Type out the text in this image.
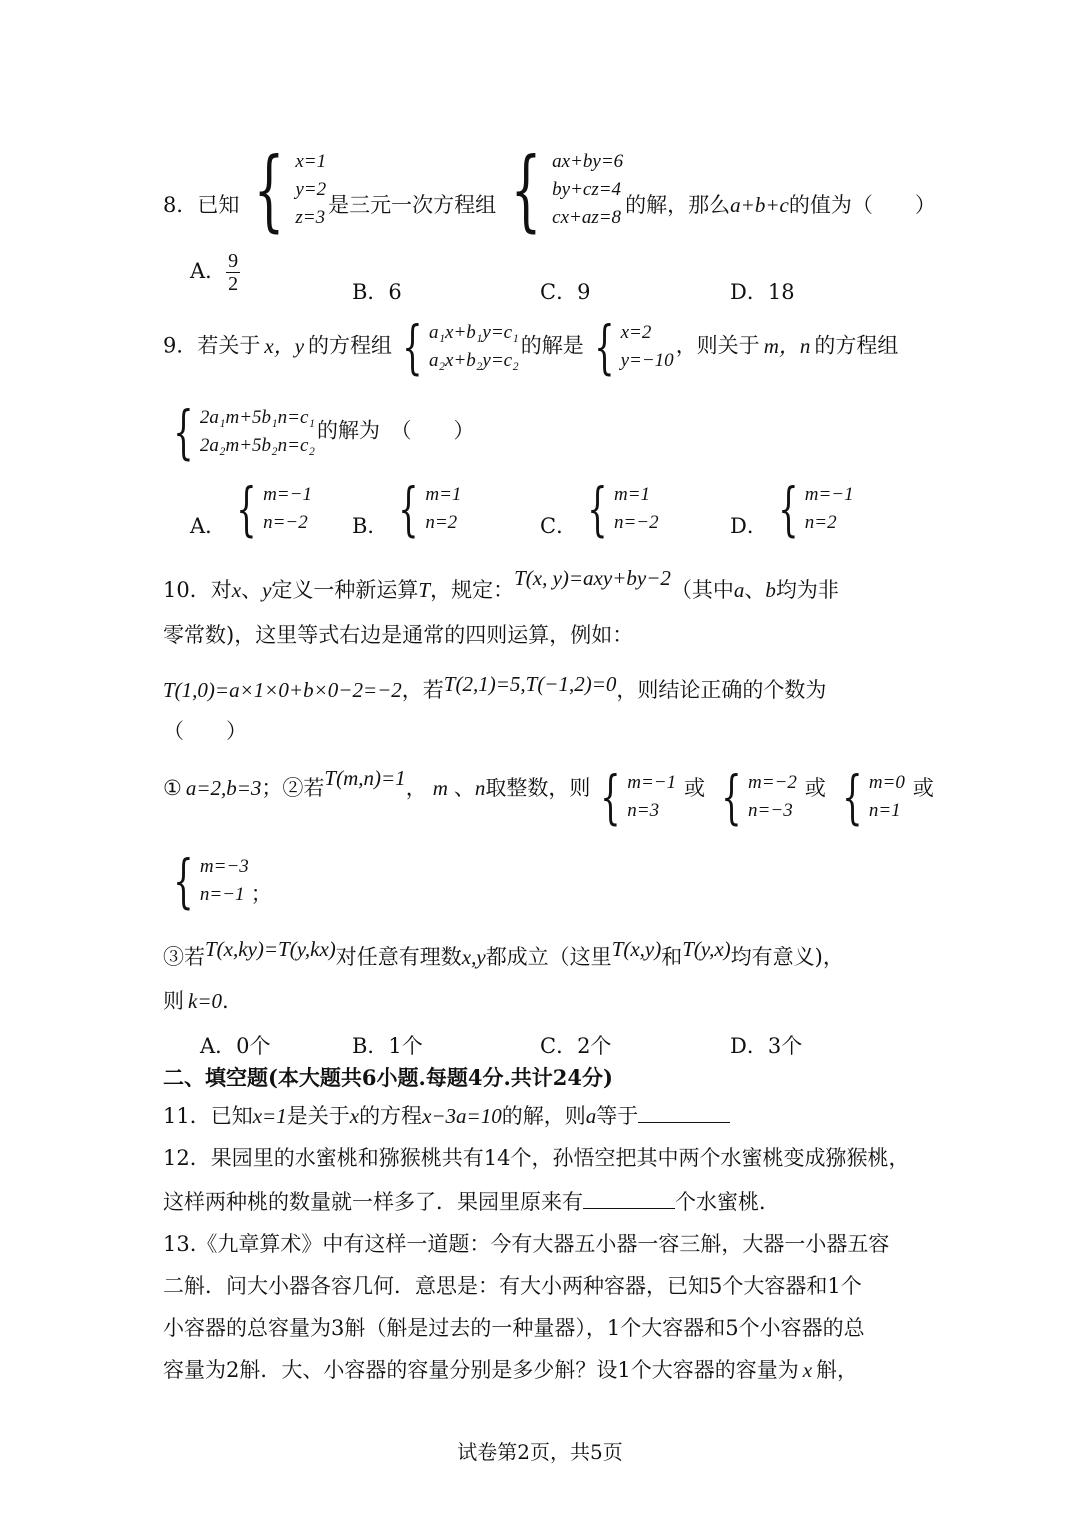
8．已知 { x=1
y=2
z=3
是三元一次方程组 { ax+by=6
by+cz=4
cx+az=8
的解，那么a+b+c的值为（　　）
A． $\frac{9}{2}$	B．6	C．9	D．18
9．若关于 x，y 的方程组 { a₁x+b₁y=c₁
a₂x+b₂y=c₂
的解是 { x=2
y=−10
，则关于 m，n 的方程组
{ 2a₁m+5b₁n=c₁
2a₂m+5b₂n=c₂
的解为　（　　）
A． { m=−1
n=−2 B． { m=1
n=2	C． { m=1
n=−2	D． { m=−1
n=2
10．对x、y定义一种新运算T，规定：T(x, y)=axy+by−2（其中a、b均为非
零常数)，这里等式右边是通常的四则运算，例如：
T(1,0)=a×1×0+b×0−2=−2，若T(2,1)=5,T(−1,2)=0，则结论正确的个数为
（　　）
① a=2,b=3；②若T(m,n)=1， m 、n取整数，则 { m=−1
n=3
或 { m=−2
n=−3
或 { m=0
n=1
或
{ m=−3
n=−1 ；
③若T(x,ky)=T(y,kx)对任意有理数x,y都成立（这里T(x,y)和T(y,x)均有意义)，
则 k=0.
A．0个	B．1个	C．2个	D．3个
二、填空题(本大题共6小题.每题4分.共计24分)
11．已知x=1是关于x的方程x−3a=10的解，则a等于
12．果园里的水蜜桃和猕猴桃共有14个，孙悟空把其中两个水蜜桃变成猕猴桃，
这样两种桃的数量就一样多了．果园里原来有	个水蜜桃．
13.《九章算术》中有这样一道题：今有大器五小器一容三斛，大器一小器五容
二斛．问大小器各容几何．意思是：有大小两种容器，已知5个大容器和1个
小容器的总容量为3斛（斛是过去的一种量器），1个大容器和5个小容器的总
容量为2斛．大、小容器的容量分别是多少斛？设1个大容器的容量为 x 斛，
试卷第2页，共5页
